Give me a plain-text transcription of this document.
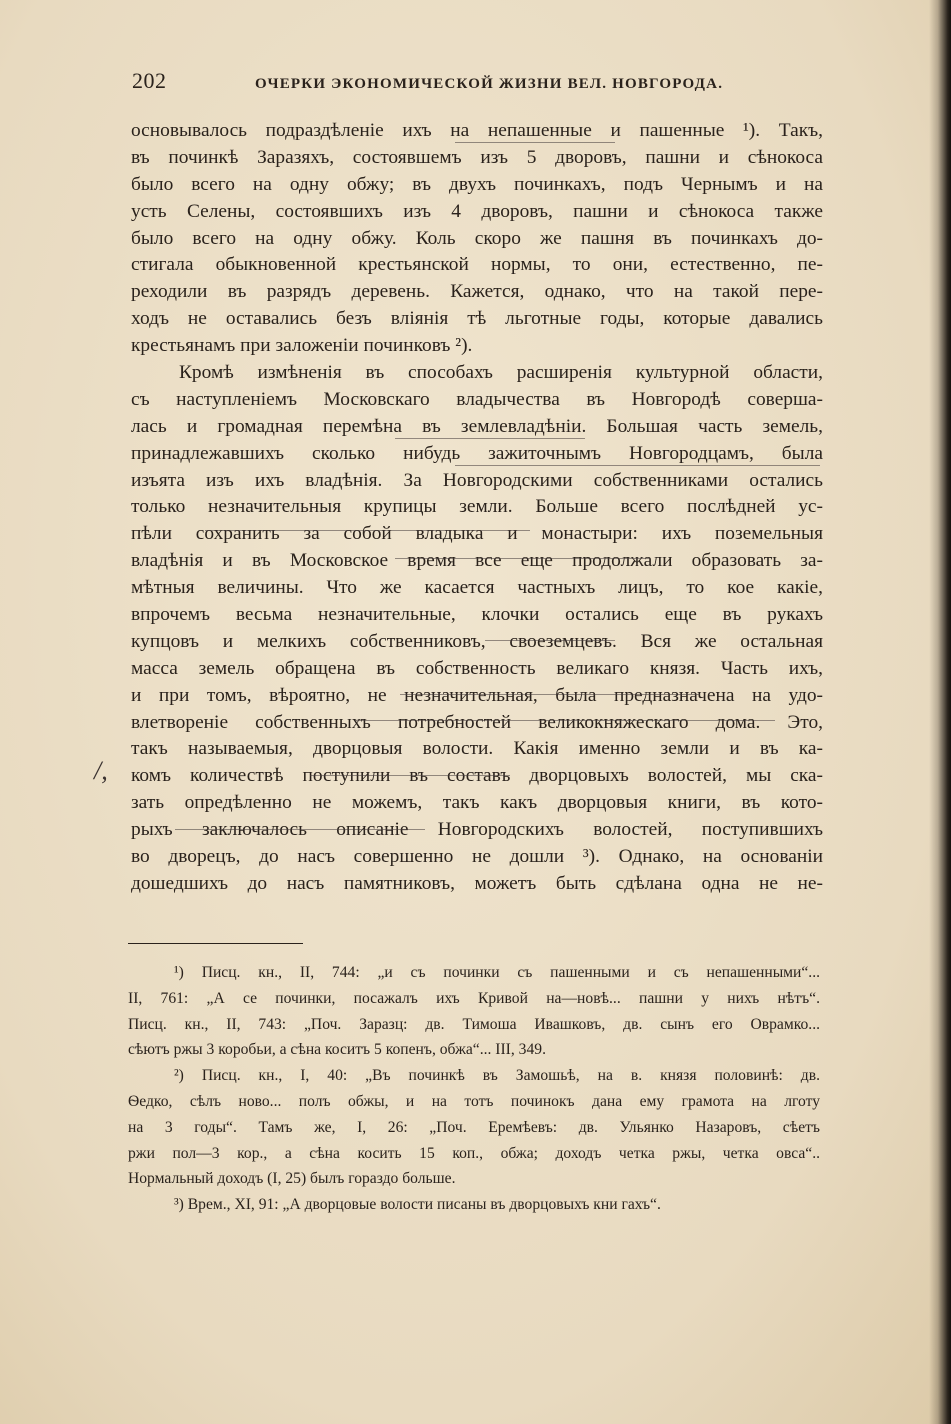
202	ОЧЕРКИ ЭКОНОМИЧЕСКОЙ ЖИЗНИ ВЕЛ. НОВГОРОДА.
основывалось подраздѣленіе ихъ на непашенные и пашенные ¹). Такъ,
въ починкѣ Заразяхъ, состоявшемъ изъ 5 дворовъ, пашни и сѣнокоса
было всего на одну обжу; въ двухъ починкахъ, подъ Чернымъ и на
усть Селены, состоявшихъ изъ 4 дворовъ, пашни и сѣнокоса также
было всего на одну обжу. Коль скоро же пашня въ починкахъ до-
стигала обыкновенной крестьянской нормы, то они, естественно, пе-
реходили въ разрядъ деревень. Кажется, однако, что на такой пере-
ходъ не оставались безъ вліянія тѣ льготные годы, которые давались
крестьянамъ при заложеніи починковъ ²).
Кромѣ измѣненія въ способахъ расширенія культурной области,
съ наступленіемъ Московскаго владычества въ Новгородѣ соверша-
лась и громадная перемѣна въ землевладѣніи. Большая часть земель,
принадлежавшихъ сколько нибудь зажиточнымъ Новгородцамъ, была
изъята изъ ихъ владѣнія. За Новгородскими собственниками остались
только незначительныя крупицы земли. Больше всего послѣдней ус-
пѣли сохранить за собой владыка и монастыри: ихъ поземельныя
владѣнія и въ Московское время все еще продолжали образовать за-
мѣтныя величины. Что же касается частныхъ лицъ, то кое какіе,
впрочемъ весьма незначительные, клочки остались еще въ рукахъ
купцовъ и мелкихъ собственниковъ, своеземцевъ. Вся же остальная
масса земель обращена въ собственность великаго князя. Часть ихъ,
и при томъ, вѣроятно, не незначительная, была предназначена на удо-
влетвореніе собственныхъ потребностей великокняжескаго дома. Это,
такъ называемыя, дворцовыя волости. Какія именно земли и въ ка-
комъ количествѣ поступили въ составъ дворцовыхъ волостей, мы ска-
зать опредѣленно не можемъ, такъ какъ дворцовыя книги, въ кото-
рыхъ заключалось описаніе Новгородскихъ волостей, поступившихъ
во дворецъ, до насъ совершенно не дошли ³). Однако, на основаніи
дошедшихъ до насъ памятниковъ, можетъ быть сдѣлана одна не не-
/,
¹) Писц. кн., II, 744: „и съ починки съ пашенными и съ непашенными“...
II, 761: „А се починки, посажалъ ихъ Кривой на—новѣ... пашни у нихъ нѣтъ“.
Писц. кн., II, 743: „Поч. Заразц: дв. Тимоша Ивашковъ, дв. сынъ его Оврамко...
сѣютъ ржы 3 коробьи, а сѣна коситъ 5 копенъ, обжа“... III, 349.
²) Писц. кн., I, 40: „Въ починкѣ въ Замошьѣ, на в. князя половинѣ: дв.
Ѳедко, сѣлъ ново... полъ обжы, и на тотъ починокъ дана ему грамота на лготу
на 3 годы“. Тамъ же, I, 26: „Поч. Еремѣевъ: дв. Ульянко Назаровъ, сѣетъ
ржи пол—3 кор., а сѣна косить 15 коп., обжа; доходъ четка ржы, четка овса“..
Нормальный доходъ (I, 25) былъ гораздо больше.
³) Врем., XI, 91: „А дворцовые волости писаны въ дворцовыхъ кни гахъ“.
